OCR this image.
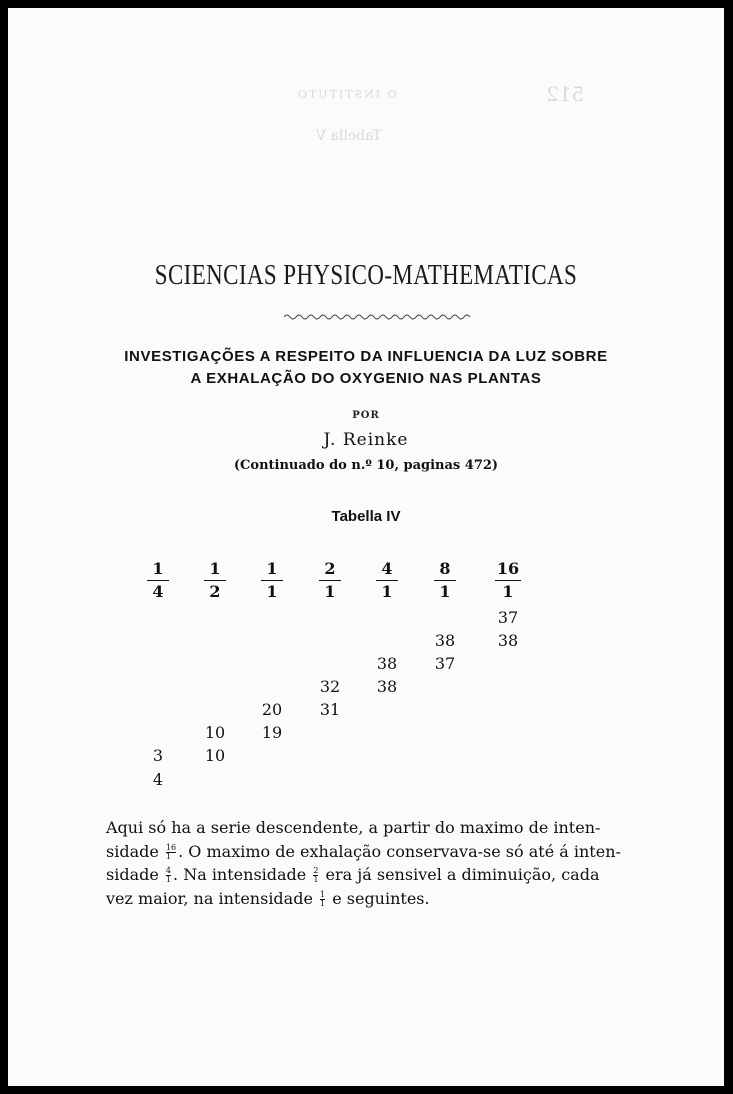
512
O INSTITUTO
Tabella V
SCIENCIAS PHYSICO-MATHEMATICAS
INVESTIGAÇÕES A RESPEITO DA INFLUENCIA DA LUZ SOBRE
A EXHALAÇÃO DO OXYGENIO NAS PLANTAS
POR
J. Reinke
(Continuado do n.º 10, paginas 472)
Tabella IV
1
4
1
2
1
1
2
1
4
1
8
1
16
1
3
4
10
10
20
19
32
31
38
38
38
37
37
38
Aqui só ha a serie descendente, a partir do maximo de inten-
sidade $\frac{16}{1}$ . O maximo de exhalação conservava-se só até á inten-
sidade $\frac{4}{1}$ . Na intensidade $\frac{2}{1}$ era já sensivel a diminuição, cada
vez maior, na intensidade $\frac{1}{1}$ e seguintes.
